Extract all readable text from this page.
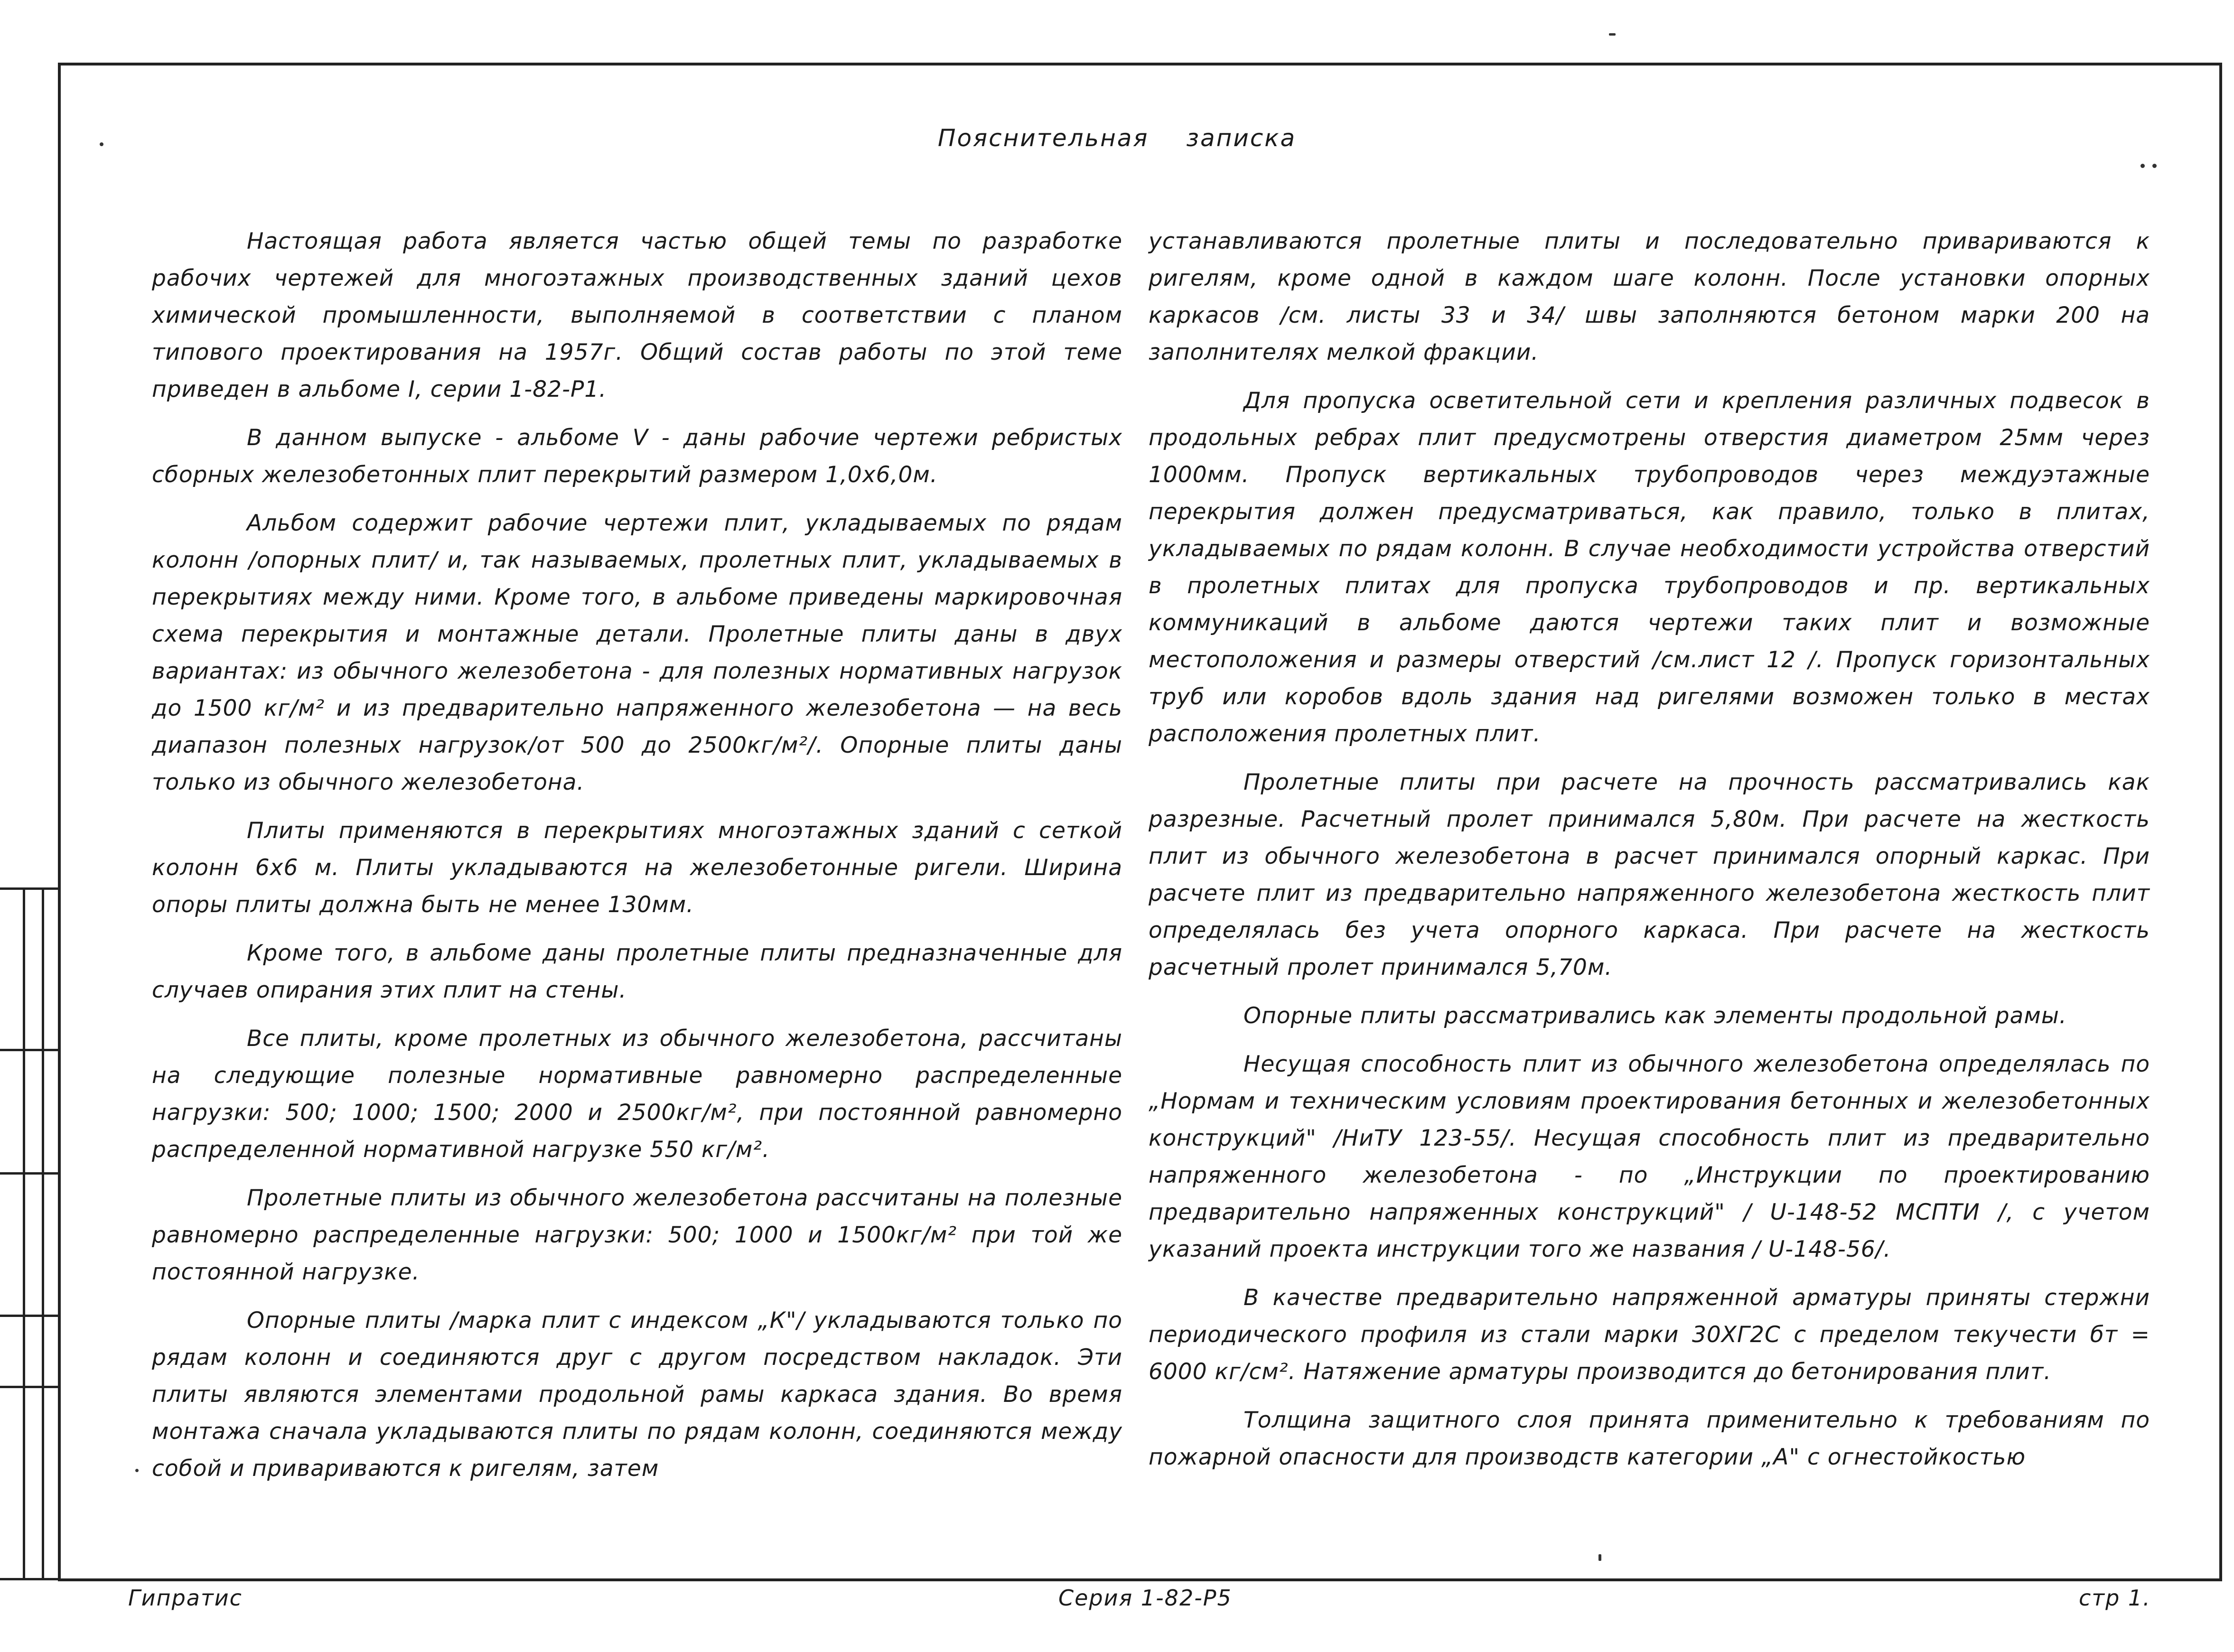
Пояснительная записка

Настоящая работа является частью общей темы по разработке рабочих чертежей для многоэтажных производственных зданий цехов химической промышленности, выполняемой в соответствии с планом типового проектирования на 1957г. Общий состав работы по этой теме приведен в альбоме I, серии 1-82-Р1.

В данном выпуске - альбоме V - даны рабочие чертежи ребристых сборных железобетонных плит перекрытий размером 1,0х6,0м.

Альбом содержит рабочие чертежи плит, укладываемых по рядам колонн /опорных плит/ и, так называемых, пролетных плит, укладываемых в перекрытиях между ними. Кроме того, в альбоме приведены маркировочная схема перекрытия и монтажные детали. Пролетные плиты даны в двух вариантах: из обычного железобетона - для полезных нормативных нагрузок до 1500 кг/м² и из предварительно напряженного железобетона — на весь диапазон полезных нагрузок/от 500 до 2500кг/м²/. Опорные плиты даны только из обычного железобетона.

Плиты применяются в перекрытиях многоэтажных зданий с сеткой колонн 6х6 м. Плиты укладываются на железобетонные ригели. Ширина опоры плиты должна быть не менее 130мм.

Кроме того, в альбоме даны пролетные плиты предназначенные для случаев опирания этих плит на стены.

Все плиты, кроме пролетных из обычного железобетона, рассчитаны на следующие полезные нормативные равномерно распределенные нагрузки: 500; 1000; 1500; 2000 и 2500кг/м², при постоянной равномерно распределенной нормативной нагрузке 550 кг/м².

Пролетные плиты из обычного железобетона рассчитаны на полезные равномерно распределенные нагрузки: 500; 1000 и 1500кг/м² при той же постоянной нагрузке.

Опорные плиты /марка плит с индексом „К"/ укладываются только по рядам колонн и соединяются друг с другом посредством накладок. Эти плиты являются элементами продольной рамы каркаса здания. Во время монтажа сначала укладываются плиты по рядам колонн, соединяются между собой и привариваются к ригелям, затем

устанавливаются пролетные плиты и последовательно привариваются к ригелям, кроме одной в каждом шаге колонн. После установки опорных каркасов /см. листы 33 и 34/ швы заполняются бетоном марки 200 на заполнителях мелкой фракции.

Для пропуска осветительной сети и крепления различных подвесок в продольных ребрах плит предусмотрены отверстия диаметром 25мм через 1000мм. Пропуск вертикальных трубопроводов через междуэтажные перекрытия должен предусматриваться, как правило, только в плитах, укладываемых по рядам колонн. В случае необходимости устройства отверстий в пролетных плитах для пропуска трубопроводов и пр. вертикальных коммуникаций в альбоме даются чертежи таких плит и возможные местоположения и размеры отверстий /см.лист 12 /. Пропуск горизонтальных труб или коробов вдоль здания над ригелями возможен только в местах расположения пролетных плит.

Пролетные плиты при расчете на прочность рассматривались как разрезные. Расчетный пролет принимался 5,80м. При расчете на жесткость плит из обычного железобетона в расчет принимался опорный каркас. При расчете плит из предварительно напряженного железобетона жесткость плит определялась без учета опорного каркаса. При расчете на жесткость расчетный пролет принимался 5,70м.

Опорные плиты рассматривались как элементы продольной рамы.

Несущая способность плит из обычного железобетона определялась по „Нормам и техническим условиям проектирования бетонных и железобетонных конструкций" /НиТУ 123-55/. Несущая способность плит из предварительно напряженного железобетона - по „Инструкции по проектированию предварительно напряженных конструкций" / U-148-52 МСПТИ /, с учетом указаний проекта инструкции того же названия / U-148-56/.

В качестве предварительно напряженной арматуры приняты стержни периодического профиля из стали марки 30ХГ2С с пределом текучести бт = 6000 кг/см². Натяжение арматуры производится до бетонирования плит.

Толщина защитного слоя принята применительно к требованиям по пожарной опасности для производств категории „А" с огнестойкостью

Гипратис	Серия 1-82-Р5	стр 1.
